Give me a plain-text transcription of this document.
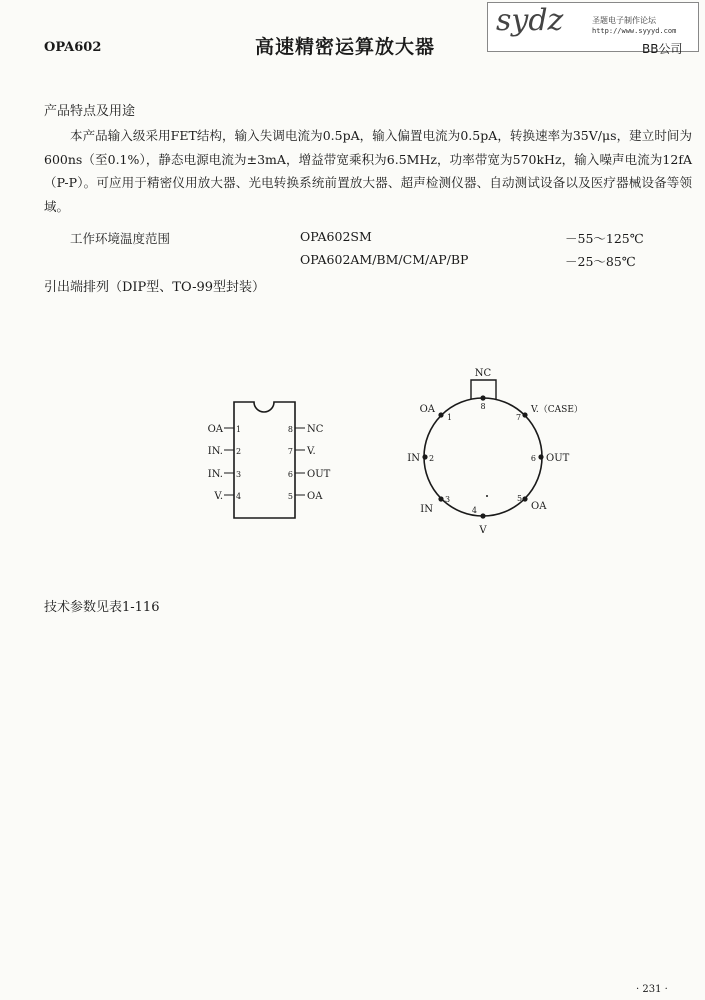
OPA602	高速精密运算放大器
sydz	圣题电子制作论坛
http://www.syyyd.com
BB公司
产品特点及用途
本产品输入级采用FET结构，输入失调电流为0.5pA，输入偏置电流为0.5pA，转换速率为35V/μs，建立时间为600ns（至0.1%），静态电源电流为±3mA，增益带宽乘积为6.5MHz，功率带宽为570kHz，输入噪声电流为12fA（P-P）。可应用于精密仪用放大器、光电转换系统前置放大器、超声检测仪器、自动测试设备以及医疗器械设备等领域。
工作环境温度范围	OPA602SM	－55～125℃
OPA602AM/BM/CM/AP/BP	－25～85℃
引出端排列（DIP型、TO-99型封装）
OA 1
IN. 2
IN. 3
V. 4
8 NC
7 V.
6 OUT
5 OA
NC
8
OA
1
V.（CASE）
7
IN 2	OUT
6
IN
3
OA
5
4
V
技术参数见表1-116
· 231 ·
